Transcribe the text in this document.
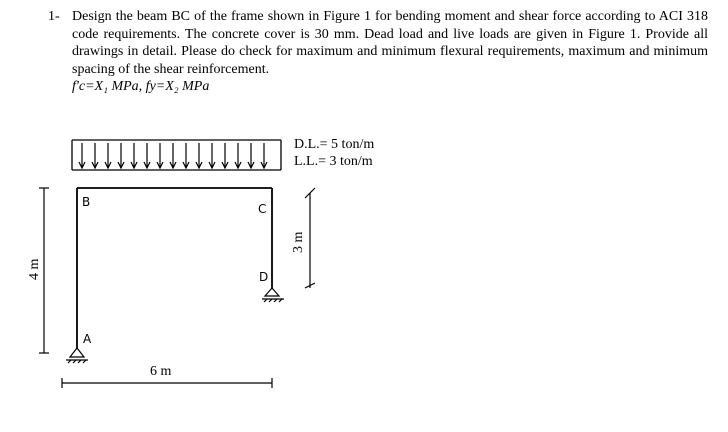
1- Design the beam BC of the frame shown in Figure 1 for bending moment and shear force according to ACI 318 code requirements. The concrete cover is 30 mm. Dead load and live loads are given in Figure 1. Provide all drawings in detail. Please do check for maximum and minimum flexural requirements, maximum and minimum spacing of the shear reinforcement.
f'c=X₁ MPa, fy=X₂ MPa
D.L.= 5 ton/m
L.L.= 3 ton/m
B	C
D
A
4 m
3 m
6 m
